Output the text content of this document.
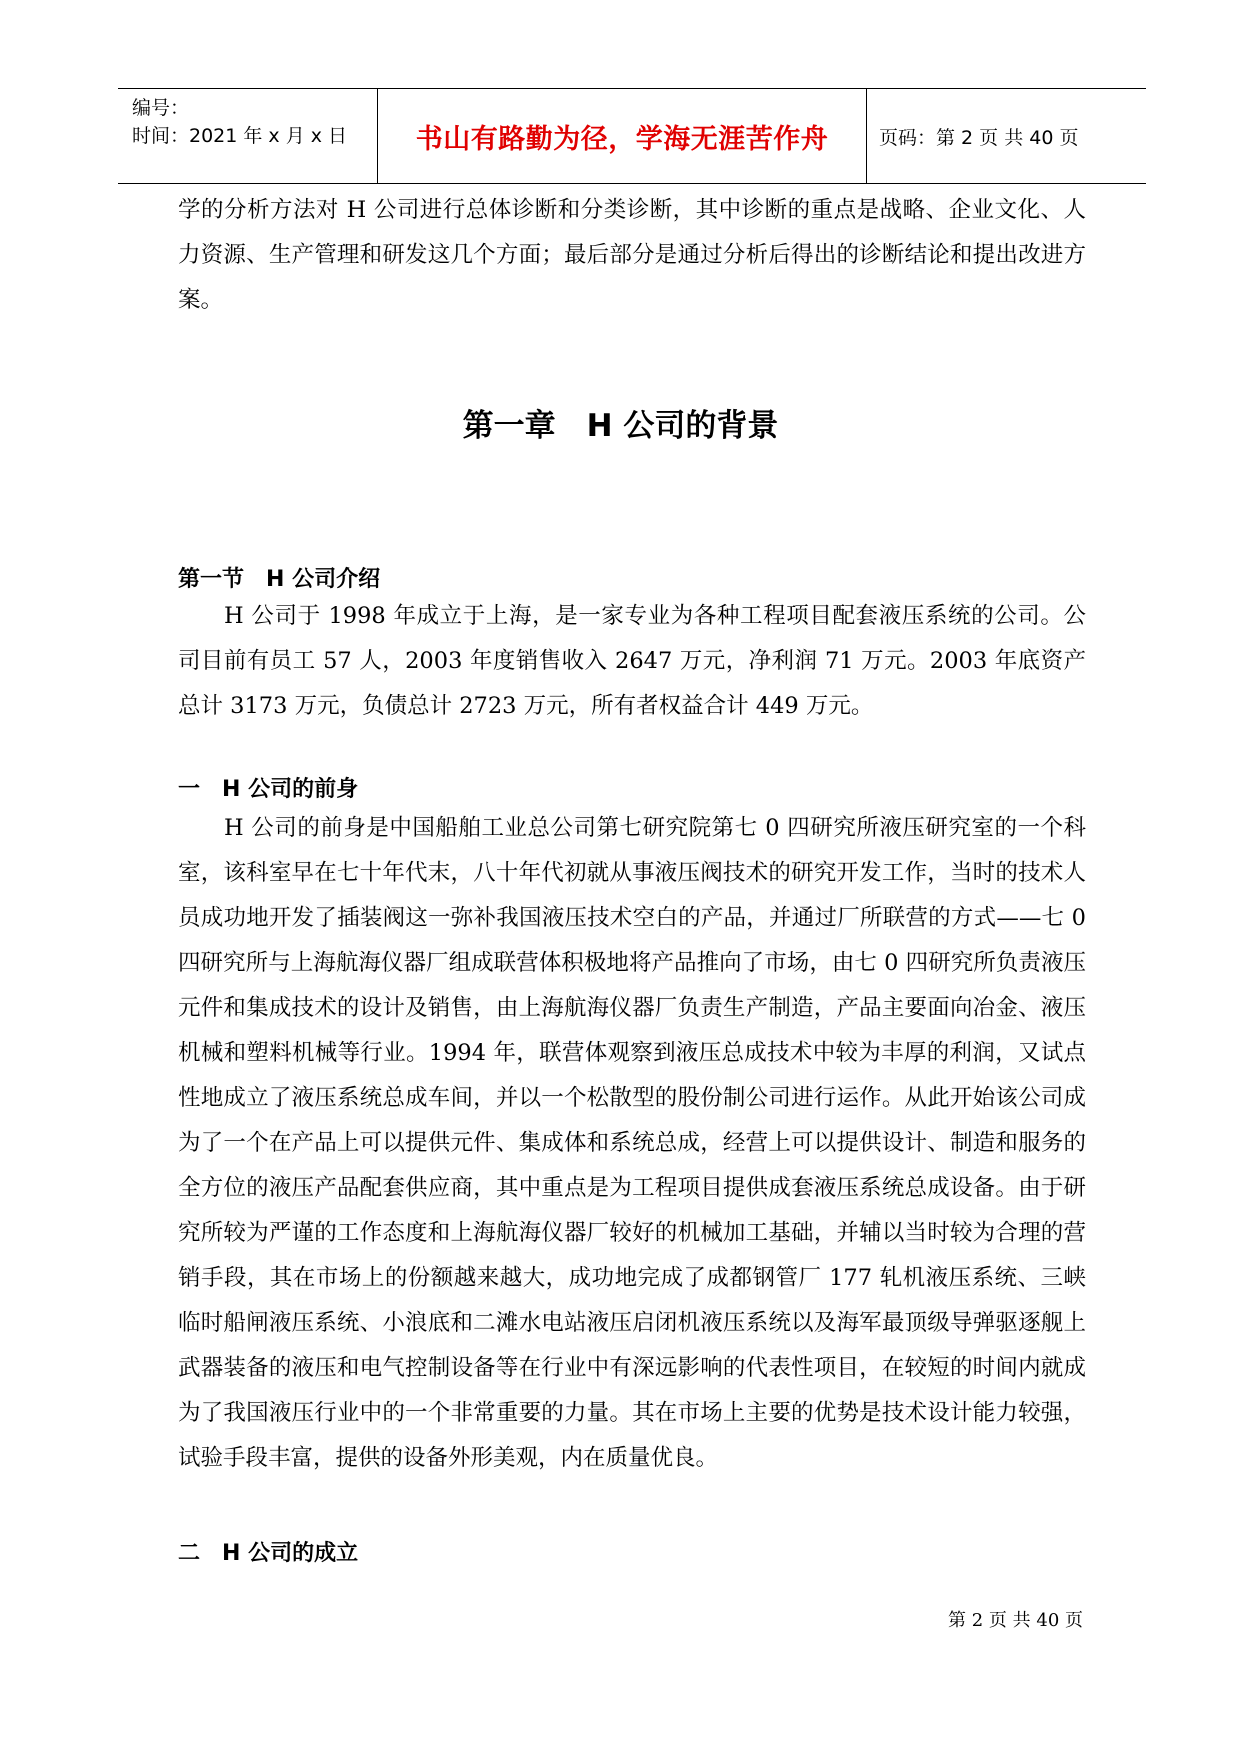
编号：
时间：2021 年 x 月 x 日	书山有路勤为径，学海无涯苦作舟	页码：第 2 页 共 40 页

学的分析方法对 H 公司进行总体诊断和分类诊断，其中诊断的重点是战略、企业文化、人力资源、生产管理和研发这几个方面；最后部分是通过分析后得出的诊断结论和提出改进方案。

第一章　H 公司的背景
第一节　H 公司介绍

H 公司于 1998 年成立于上海，是一家专业为各种工程项目配套液压系统的公司。公司目前有员工 57 人，2003 年度销售收入 2647 万元，净利润 71 万元。2003 年底资产总计 3173 万元，负债总计 2723 万元，所有者权益合计 449 万元。

一　H 公司的前身

H 公司的前身是中国船舶工业总公司第七研究院第七 0 四研究所液压研究室的一个科室，该科室早在七十年代末，八十年代初就从事液压阀技术的研究开发工作，当时的技术人员成功地开发了插装阀这一弥补我国液压技术空白的产品，并通过厂所联营的方式——七 0 四研究所与上海航海仪器厂组成联营体积极地将产品推向了市场，由七 0 四研究所负责液压元件和集成技术的设计及销售，由上海航海仪器厂负责生产制造，产品主要面向冶金、液压机械和塑料机械等行业。1994 年，联营体观察到液压总成技术中较为丰厚的利润，又试点性地成立了液压系统总成车间，并以一个松散型的股份制公司进行运作。从此开始该公司成为了一个在产品上可以提供元件、集成体和系统总成，经营上可以提供设计、制造和服务的全方位的液压产品配套供应商，其中重点是为工程项目提供成套液压系统总成设备。由于研究所较为严谨的工作态度和上海航海仪器厂较好的机械加工基础，并辅以当时较为合理的营销手段，其在市场上的份额越来越大，成功地完成了成都钢管厂 177 轧机液压系统、三峡临时船闸液压系统、小浪底和二滩水电站液压启闭机液压系统以及海军最顶级导弹驱逐舰上武器装备的液压和电气控制设备等在行业中有深远影响的代表性项目，在较短的时间内就成为了我国液压行业中的一个非常重要的力量。其在市场上主要的优势是技术设计能力较强，试验手段丰富，提供的设备外形美观，内在质量优良。

二　H 公司的成立
第 2 页 共 40 页
